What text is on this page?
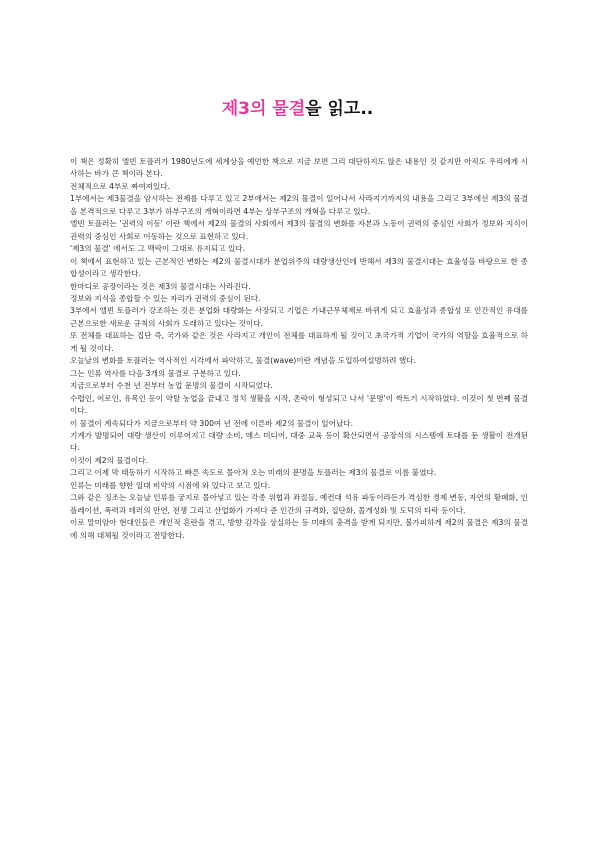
제3의 물결을 읽고..

이 책은 정확히 엘빈 토플러가 1980년도에 세계상을 예언한 책으로 지금 보면 그리 대단하지도 않은 내용인 것 같지만 아직도 우리에게 시사하는 바가 큰 책이라 본다.

전체적으로 4부로 짜여져있다.

1부에서는 제3물결을 암시하는 전제를 다루고 있고 2부에서는 제2의 물결이 일어나서 사라지기까지의 내용을 그리고 3부에선 제3의 물결을 본격적으로 다루고 3부가 하부구조의 개혁이라면 4부는 상부구조의 개혁을 다루고 있다.

앨빈 토플러는 '권력의 이동' 이란 책에서 제2의 물결의 사회에서 제3의 물결의 변화를 자본과 노동이 권력의 중심인 사회가 정보와 지식이 권력의 중심인 사회로 이동하는 것으로 표현하고 있다.

'제3의 물결' 에서도 그 맥락이 그대로 유지되고 있다.

이 책에서 표현하고 있는 근본적인 변화는 제2의 물결시대가 분업위주의 대량생산인데 반해서 제3의 물결시대는 효율성을 바탕으로 한 종합성이라고 생각한다.

한마디로 공장이라는 것은 제3의 물결시대는 사라진다.

정보와 지식을 종합할 수 있는 자리가 권력의 중심이 된다.

3부에서 앨빈 토플러가 강조하는 것은 분업화 대량화는 사장되고 기업은 가내근무체제로 바뀌게 되고 효율성과 종합성 또 인간적인 유대를 근본으로한 새로운 규칙의 사회가 도래하고 있다는 것이다.

또 전체를 대표하는 집단 즉, 국가와 같은 것은 사라지고 개인이 전체를 대표하게 될 것이고 초국가적 기업이 국가의 역할을 효율적으로 하게 될 것이다.

오늘날의 변화를 토플러는 역사적인 시각에서 파악하고, 물결(wave)이란 개념을 도입하여설명하려 했다.

그는 인류 역사를 다음 3개의 물결로 구분하고 있다.

지금으로부터 수천 년 전부터 농업 문명의 물결이 시작되었다.

수렵인, 어로인, 유목인 등이 약탈 농업을 끝내고 정치 생활을 시작, 촌락이 형성되고 나서 '문명'이 싹트기 시작하였다. 이것이 첫 번째 물결이다.

이 물결이 계속되다가 지금으로부터 약 300여 년 전에 이른바 제2의 물결이 일어났다.

기계가 발명되어 대량 생산이 이루어지고 대량 소비, 매스 미디어, 대중 교육 등이 확산되면서 공장식의 시스템에 토대를 둔 생활이 전개된다.

이것이 제2의 물결이다.

그리고 이제 막 태동하기 시작하고 빠른 속도로 몰아쳐 오는 미래의 문명을 토플러는 제3의 물결로 이름 붙였다.

인류는 미래를 향한 일대 비약의 시점에 와 있다고 보고 있다.

그와 같은 징조는 오늘날 인류를 궁지로 몰아넣고 있는 각종 위협과 좌절들, 예컨대 석유 파동이라든가 격심한 경제 변동, 자연의 황폐화, 인플레이션, 폭력과 테러의 만연, 전쟁 그리고 산업화가 가져다 준 인간의 규격화, 집단화, 몰개성화 및 도덕의 타락 등이다.

이로 말미암아 현대인들은 개인적 혼란을 겪고, 방향 감각을 상실하는 등 미래의 충격을 받게 되지만, 불가피하게 제2의 물결은 제3의 물결에 의해 대체될 것이라고 전망한다.
